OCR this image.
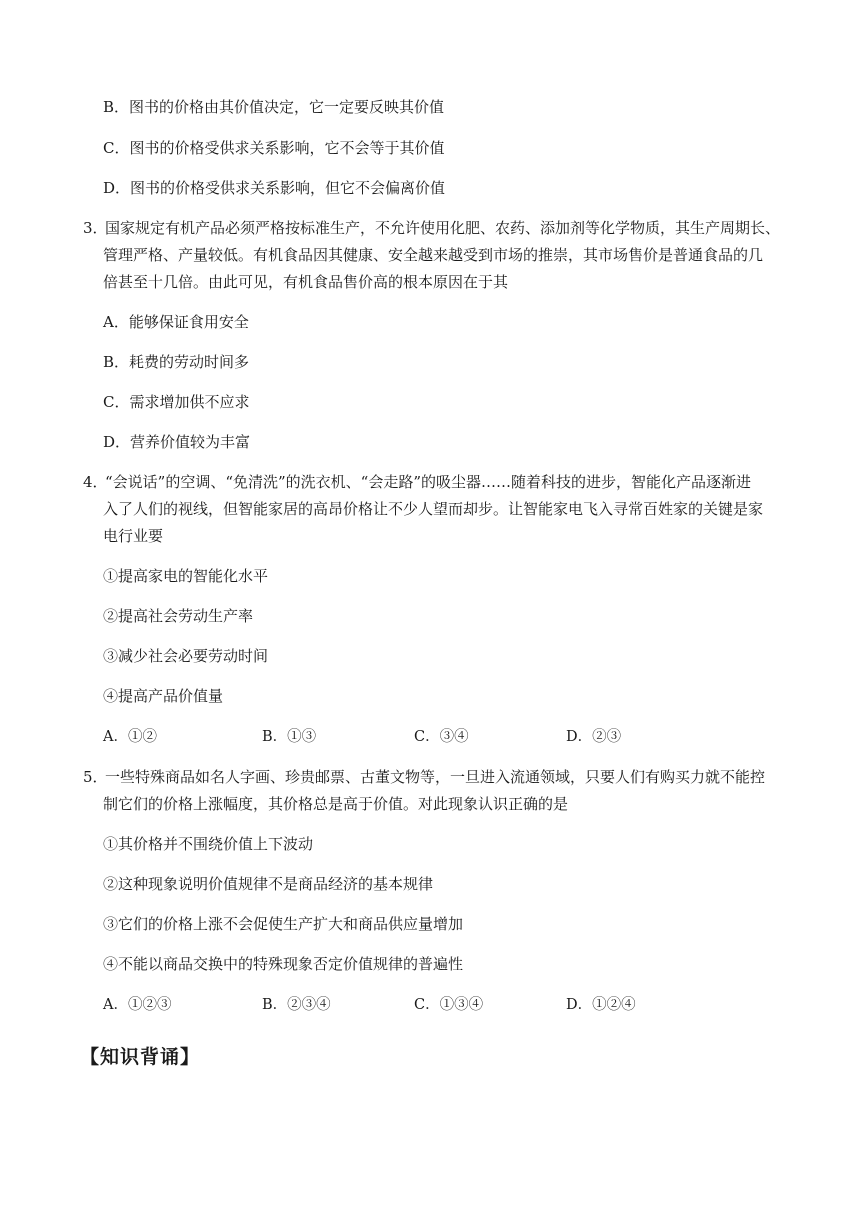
B．图书的价格由其价值决定，它一定要反映其价值
C．图书的价格受供求关系影响，它不会等于其价值
D．图书的价格受供求关系影响，但它不会偏离价值
3．
国家规定有机产品必须严格按标准生产，不允许使用化肥、农药、添加剂等化学物质，其生产周期长、
管理严格、产量较低。有机食品因其健康、安全越来越受到市场的推崇，其市场售价是普通食品的几
倍甚至十几倍。由此可见，有机食品售价高的根本原因在于其
A．能够保证食用安全
B．耗费的劳动时间多
C．需求增加供不应求
D．营养价值较为丰富
4．
“会说话”的空调、“免清洗”的洗衣机、“会走路”的吸尘器……随着科技的进步，智能化产品逐渐进
入了人们的视线，但智能家居的高昂价格让不少人望而却步。让智能家电飞入寻常百姓家的关键是家
电行业要
①提高家电的智能化水平
②提高社会劳动生产率
③减少社会必要劳动时间
④提高产品价值量
A．①②	B．①③	C．③④	D．②③
5．
一些特殊商品如名人字画、珍贵邮票、古董文物等，一旦进入流通领域，只要人们有购买力就不能控
制它们的价格上涨幅度，其价格总是高于价值。对此现象认识正确的是
①其价格并不围绕价值上下波动
②这种现象说明价值规律不是商品经济的基本规律
③它们的价格上涨不会促使生产扩大和商品供应量增加
④不能以商品交换中的特殊现象否定价值规律的普遍性
A．①②③	B．②③④	C．①③④	D．①②④
【知识背诵】
